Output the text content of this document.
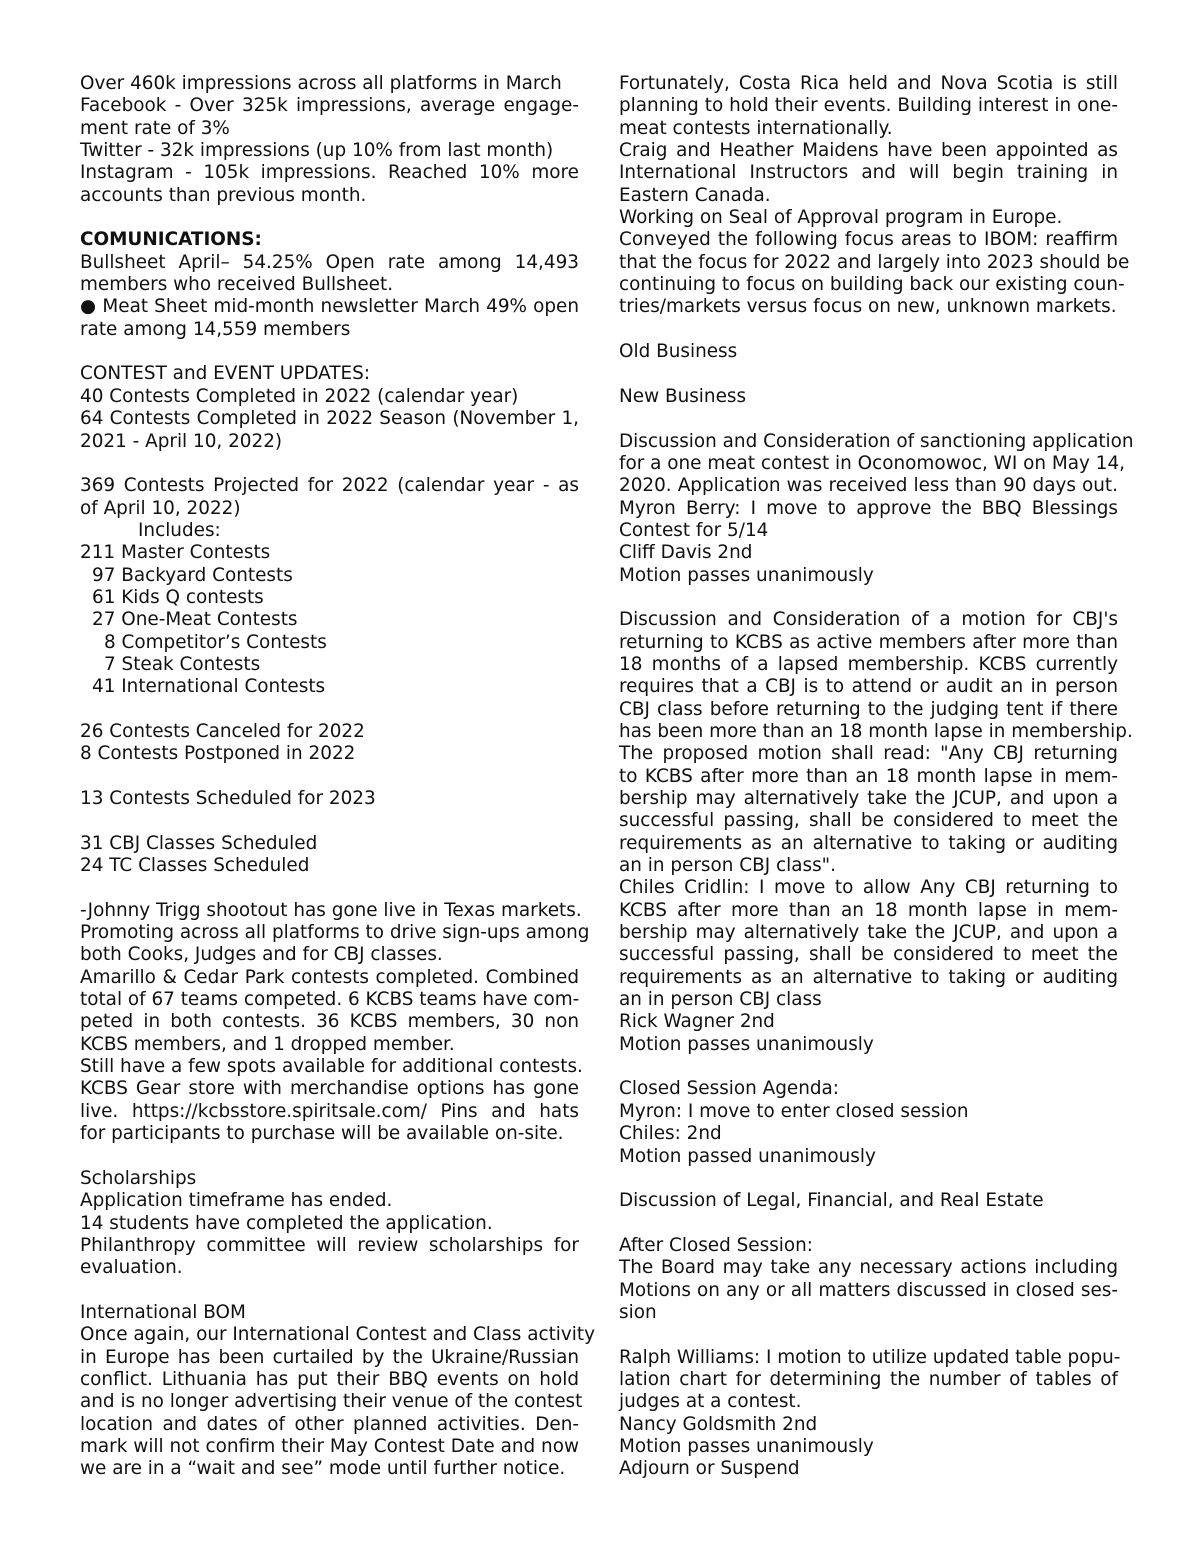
Over 460k impressions across all platforms in March
Facebook - Over 325k impressions, average engage-
ment rate of 3%
Twitter - 32k impressions (up 10% from last month)
Instagram - 105k impressions. Reached 10% more
accounts than previous month.
COMUNICATIONS:
Bullsheet April– 54.25% Open rate among 14,493
members who received Bullsheet.
● Meat Sheet mid-month newsletter March 49% open
rate among 14,559 members
CONTEST and EVENT UPDATES:
40 Contests Completed in 2022 (calendar year)
64 Contests Completed in 2022 Season (November 1,
2021 - April 10, 2022)
369 Contests Projected for 2022 (calendar year - as
of April 10, 2022)
Includes:
211 Master Contests
97 Backyard Contests
61 Kids Q contests
27 One-Meat Contests
8 Competitor’s Contests
7 Steak Contests
41 International Contests
26 Contests Canceled for 2022
8 Contests Postponed in 2022
13 Contests Scheduled for 2023
31 CBJ Classes Scheduled
24 TC Classes Scheduled
-Johnny Trigg shootout has gone live in Texas markets.
Promoting across all platforms to drive sign-ups among
both Cooks, Judges and for CBJ classes.
Amarillo & Cedar Park contests completed. Combined
total of 67 teams competed. 6 KCBS teams have com-
peted in both contests. 36 KCBS members, 30 non
KCBS members, and 1 dropped member.
Still have a few spots available for additional contests.
KCBS Gear store with merchandise options has gone
live. https://kcbsstore.spiritsale.com/ Pins and hats
for participants to purchase will be available on-site.
Scholarships
Application timeframe has ended.
14 students have completed the application.
Philanthropy committee will review scholarships for
evaluation.
International BOM
Once again, our International Contest and Class activity
in Europe has been curtailed by the Ukraine/Russian
conflict. Lithuania has put their BBQ events on hold
and is no longer advertising their venue of the contest
location and dates of other planned activities. Den-
mark will not confirm their May Contest Date and now
we are in a “wait and see” mode until further notice.
Fortunately, Costa Rica held and Nova Scotia is still
planning to hold their events. Building interest in one-
meat contests internationally.
Craig and Heather Maidens have been appointed as
International Instructors and will begin training in
Eastern Canada.
Working on Seal of Approval program in Europe.
Conveyed the following focus areas to IBOM: reaffirm
that the focus for 2022 and largely into 2023 should be
continuing to focus on building back our existing coun-
tries/markets versus focus on new, unknown markets.
Old Business
New Business
Discussion and Consideration of sanctioning application
for a one meat contest in Oconomowoc, WI on May 14,
2020. Application was received less than 90 days out.
Myron Berry: I move to approve the BBQ Blessings
Contest for 5/14
Cliff Davis 2nd
Motion passes unanimously
Discussion and Consideration of a motion for CBJ's
returning to KCBS as active members after more than
18 months of a lapsed membership. KCBS currently
requires that a CBJ is to attend or audit an in person
CBJ class before returning to the judging tent if there
has been more than an 18 month lapse in membership.
The proposed motion shall read: "Any CBJ returning
to KCBS after more than an 18 month lapse in mem-
bership may alternatively take the JCUP, and upon a
successful passing, shall be considered to meet the
requirements as an alternative to taking or auditing
an in person CBJ class".
Chiles Cridlin: I move to allow Any CBJ returning to
KCBS after more than an 18 month lapse in mem-
bership may alternatively take the JCUP, and upon a
successful passing, shall be considered to meet the
requirements as an alternative to taking or auditing
an in person CBJ class
Rick Wagner 2nd
Motion passes unanimously
Closed Session Agenda:
Myron: I move to enter closed session
Chiles: 2nd
Motion passed unanimously
Discussion of Legal, Financial, and Real Estate
After Closed Session:
The Board may take any necessary actions including
Motions on any or all matters discussed in closed ses-
sion
Ralph Williams: I motion to utilize updated table popu-
lation chart for determining the number of tables of
judges at a contest.
Nancy Goldsmith 2nd
Motion passes unanimously
Adjourn or Suspend
